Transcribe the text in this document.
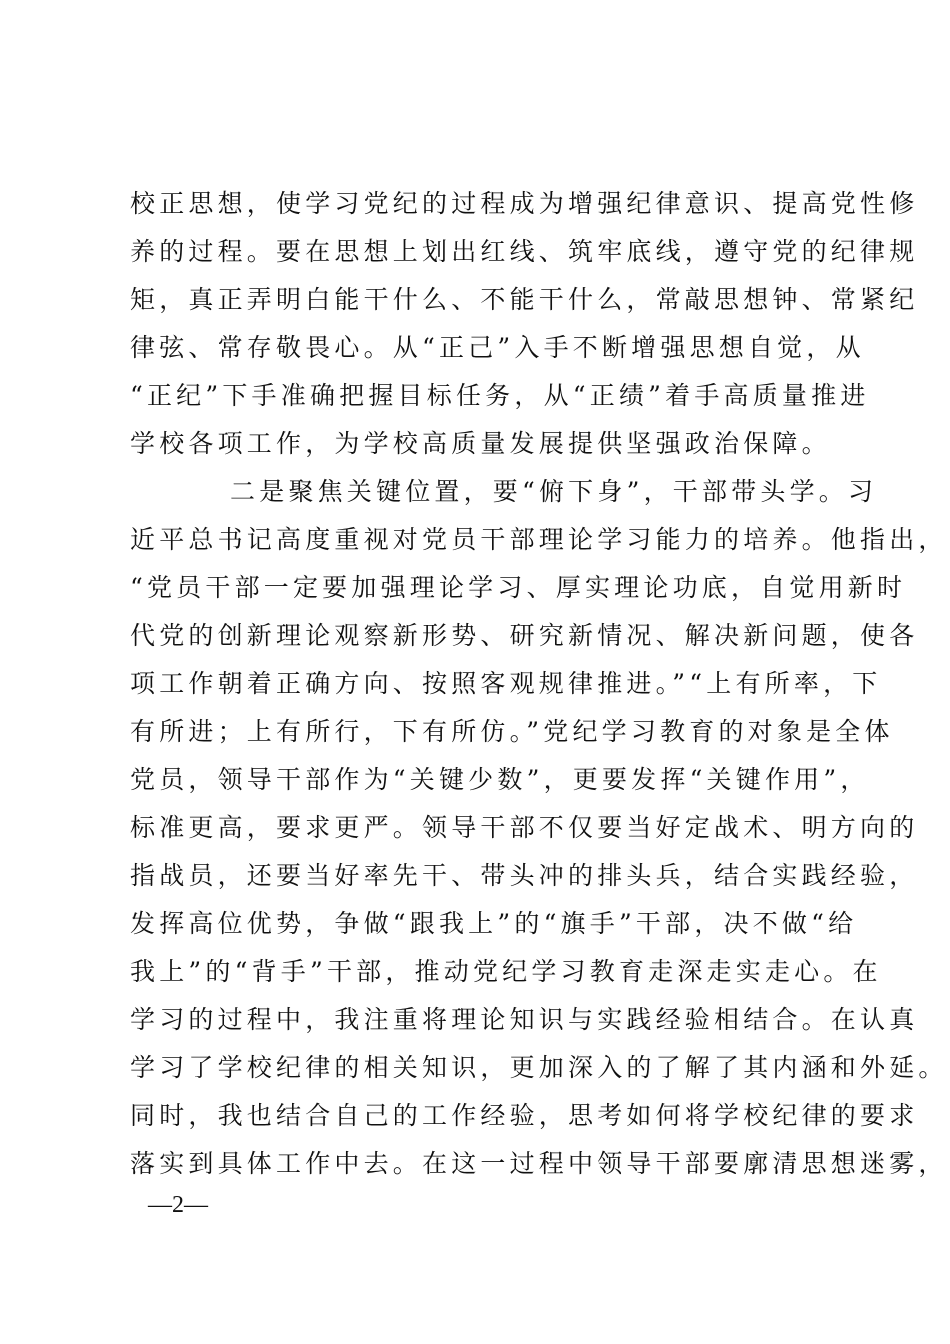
校正思想，使学习党纪的过程成为增强纪律意识、提高党性修
养的过程。要在思想上划出红线、筑牢底线，遵守党的纪律规
矩，真正弄明白能干什么、不能干什么，常敲思想钟、常紧纪
律弦、常存敬畏心。从“正己”入手不断增强思想自觉，从
“正纪”下手准确把握目标任务，从“正绩”着手高质量推进
学校各项工作，为学校高质量发展提供坚强政治保障。
二是聚焦关键位置，要“俯下身”，干部带头学。习
近平总书记高度重视对党员干部理论学习能力的培养。他指出，
“党员干部一定要加强理论学习、厚实理论功底，自觉用新时
代党的创新理论观察新形势、研究新情况、解决新问题，使各
项工作朝着正确方向、按照客观规律推进。”“上有所率，下
有所进；上有所行，下有所仿。”党纪学习教育的对象是全体
党员，领导干部作为“关键少数”，更要发挥“关键作用”，
标准更高，要求更严。领导干部不仅要当好定战术、明方向的
指战员，还要当好率先干、带头冲的排头兵，结合实践经验，
发挥高位优势，争做“跟我上”的“旗手”干部，决不做“给
我上”的“背手”干部，推动党纪学习教育走深走实走心。在
学习的过程中，我注重将理论知识与实践经验相结合。在认真
学习了学校纪律的相关知识，更加深入的了解了其内涵和外延。
同时，我也结合自己的工作经验，思考如何将学校纪律的要求
落实到具体工作中去。在这一过程中领导干部要廓清思想迷雾，
—2—
